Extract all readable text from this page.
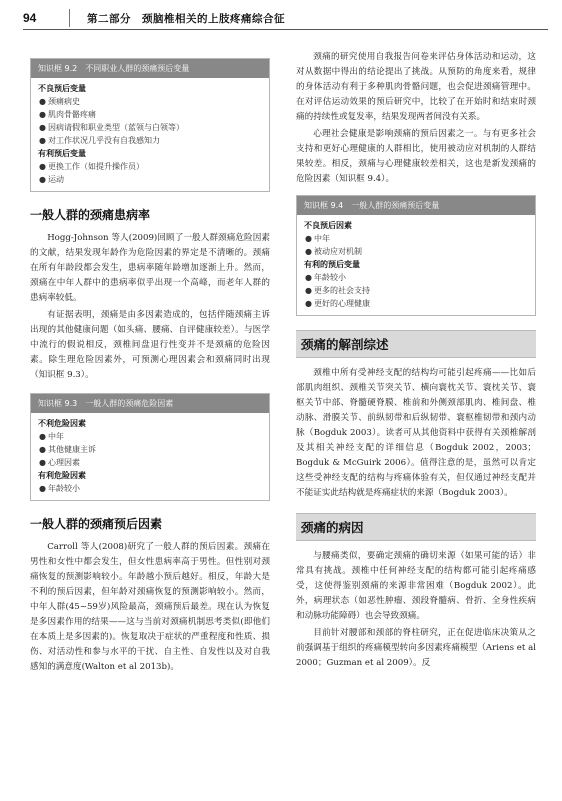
94	第二部分　颈脑椎相关的上肢疼痛综合征
知识框 9.2　不同职业人群的颈痛预后变量
不良预后变量
● 颈痛病史
● 肌肉骨骼疼痛
● 因病请假和职业类型（蓝领与白领等）
● 对工作状况几乎没有自我感知力
有利预后变量
● 更换工作（如提升操作员）
● 运动
一般人群的颈痛患病率

Hogg-Johnson 等人(2009)回顾了一般人群颈痛危险因素的文献，结果发现年龄作为危险因素的界定是不清晰的。颈痛在所有年龄段都会发生，患病率随年龄增加逐渐上升。然而，颈痛在中年人群中的患病率似乎出现一个高峰，而老年人群的患病率较低。

有证据表明，颈痛是由多因素造成的，包括伴随颈痛主诉出现的其他健康问题（如头痛、腰痛、自评健康较差）。与医学中流行的假说相反，颈椎间盘退行性变并不是颈痛的危险因素。除生理危险因素外，可预测心理因素会和颈痛同时出现（知识框 9.3）。

知识框 9.3　一般人群的颈痛危险因素
不利危险因素
● 中年
● 其他健康主诉
● 心理因素
有利危险因素
● 年龄较小
一般人群的颈痛预后因素

Carroll 等人(2008)研究了一般人群的预后因素。颈痛在男性和女性中都会发生，但女性患病率高于男性。但性别对颈痛恢复的预测影响较小。年龄越小预后越好。相反，年龄大是不利的预后因素，但年龄对颈痛恢复的预测影响较小。然而，中年人群(45~59岁)风险最高，颈痛预后最差。现在认为恢复是多因素作用的结果——这与当前对颈痛机制思考类似(即他们在本质上是多因素的)。恢复取决于症状的严重程度和性质、损伤、对活动性和参与水平的干扰、自主性、自发性以及对自我感知的满意度(Walton et al 2013b)。

颈痛的研究使用自我报告问卷来评估身体活动和运动，这对从数据中得出的结论提出了挑战。从预防的角度来看，规律的身体活动有利于多种肌肉骨骼问题，也会促进颈痛管理中。在对评估运动效果的预后研究中，比较了在开始时和结束时颈痛的持续性或复发率，结果发现两者间没有关系。

心理社会健康是影响颈痛的预后因素之一。与有更多社会支持和更好心理健康的人群相比，使用被动应对机制的人群结果较差。相反，颈痛与心理健康较差相关，这也是新发颈痛的危险因素（知识框 9.4）。

知识框 9.4　一般人群的颈痛预后变量
不良预后因素
● 中年
● 被动应对机制
有利的预后变量
● 年龄较小
● 更多的社会支持
● 更好的心理健康
颈痛的解剖综述

颈椎中所有受神经支配的结构均可能引起疼痛——比如后部肌肉组织、颈椎关节突关节、横向寰枕关节、寰枕关节、寰枢关节中部、脊髓硬脊膜、椎前和外侧颈部肌肉、椎间盘、椎动脉、滑膜关节、前纵韧带和后纵韧带、寰枢椎韧带和颈内动脉（Bogduk 2003）。读者可从其他资料中获得有关颈椎解剖及其相关神经支配的详细信息（Bogduk 2002，2003；Bogduk & McGuirk 2006）。值得注意的是，虽然可以肯定这些受神经支配的结构与疼痛体验有关，但仅通过神经支配并不能证实此结构就是疼痛症状的来源（Bogduk 2003）。

颈痛的病因

与腰痛类似，要确定颈痛的确切来源（如果可能的话）非常具有挑战。颈椎中任何神经支配的结构都可能引起疼痛感受，这使得鉴别颈痛的来源非常困难（Bogduk 2002）。此外，病理状态（如恶性肿瘤、颈段脊髓病、骨折、全身性疾病和动脉功能障碍）也会导致颈痛。

目前针对腰部和颈部的脊柱研究，正在促进临床决策从之前强调基于组织的疼痛模型转向多因素疼痛模型（Ariens et al 2000；Guzman et al 2009）。反
